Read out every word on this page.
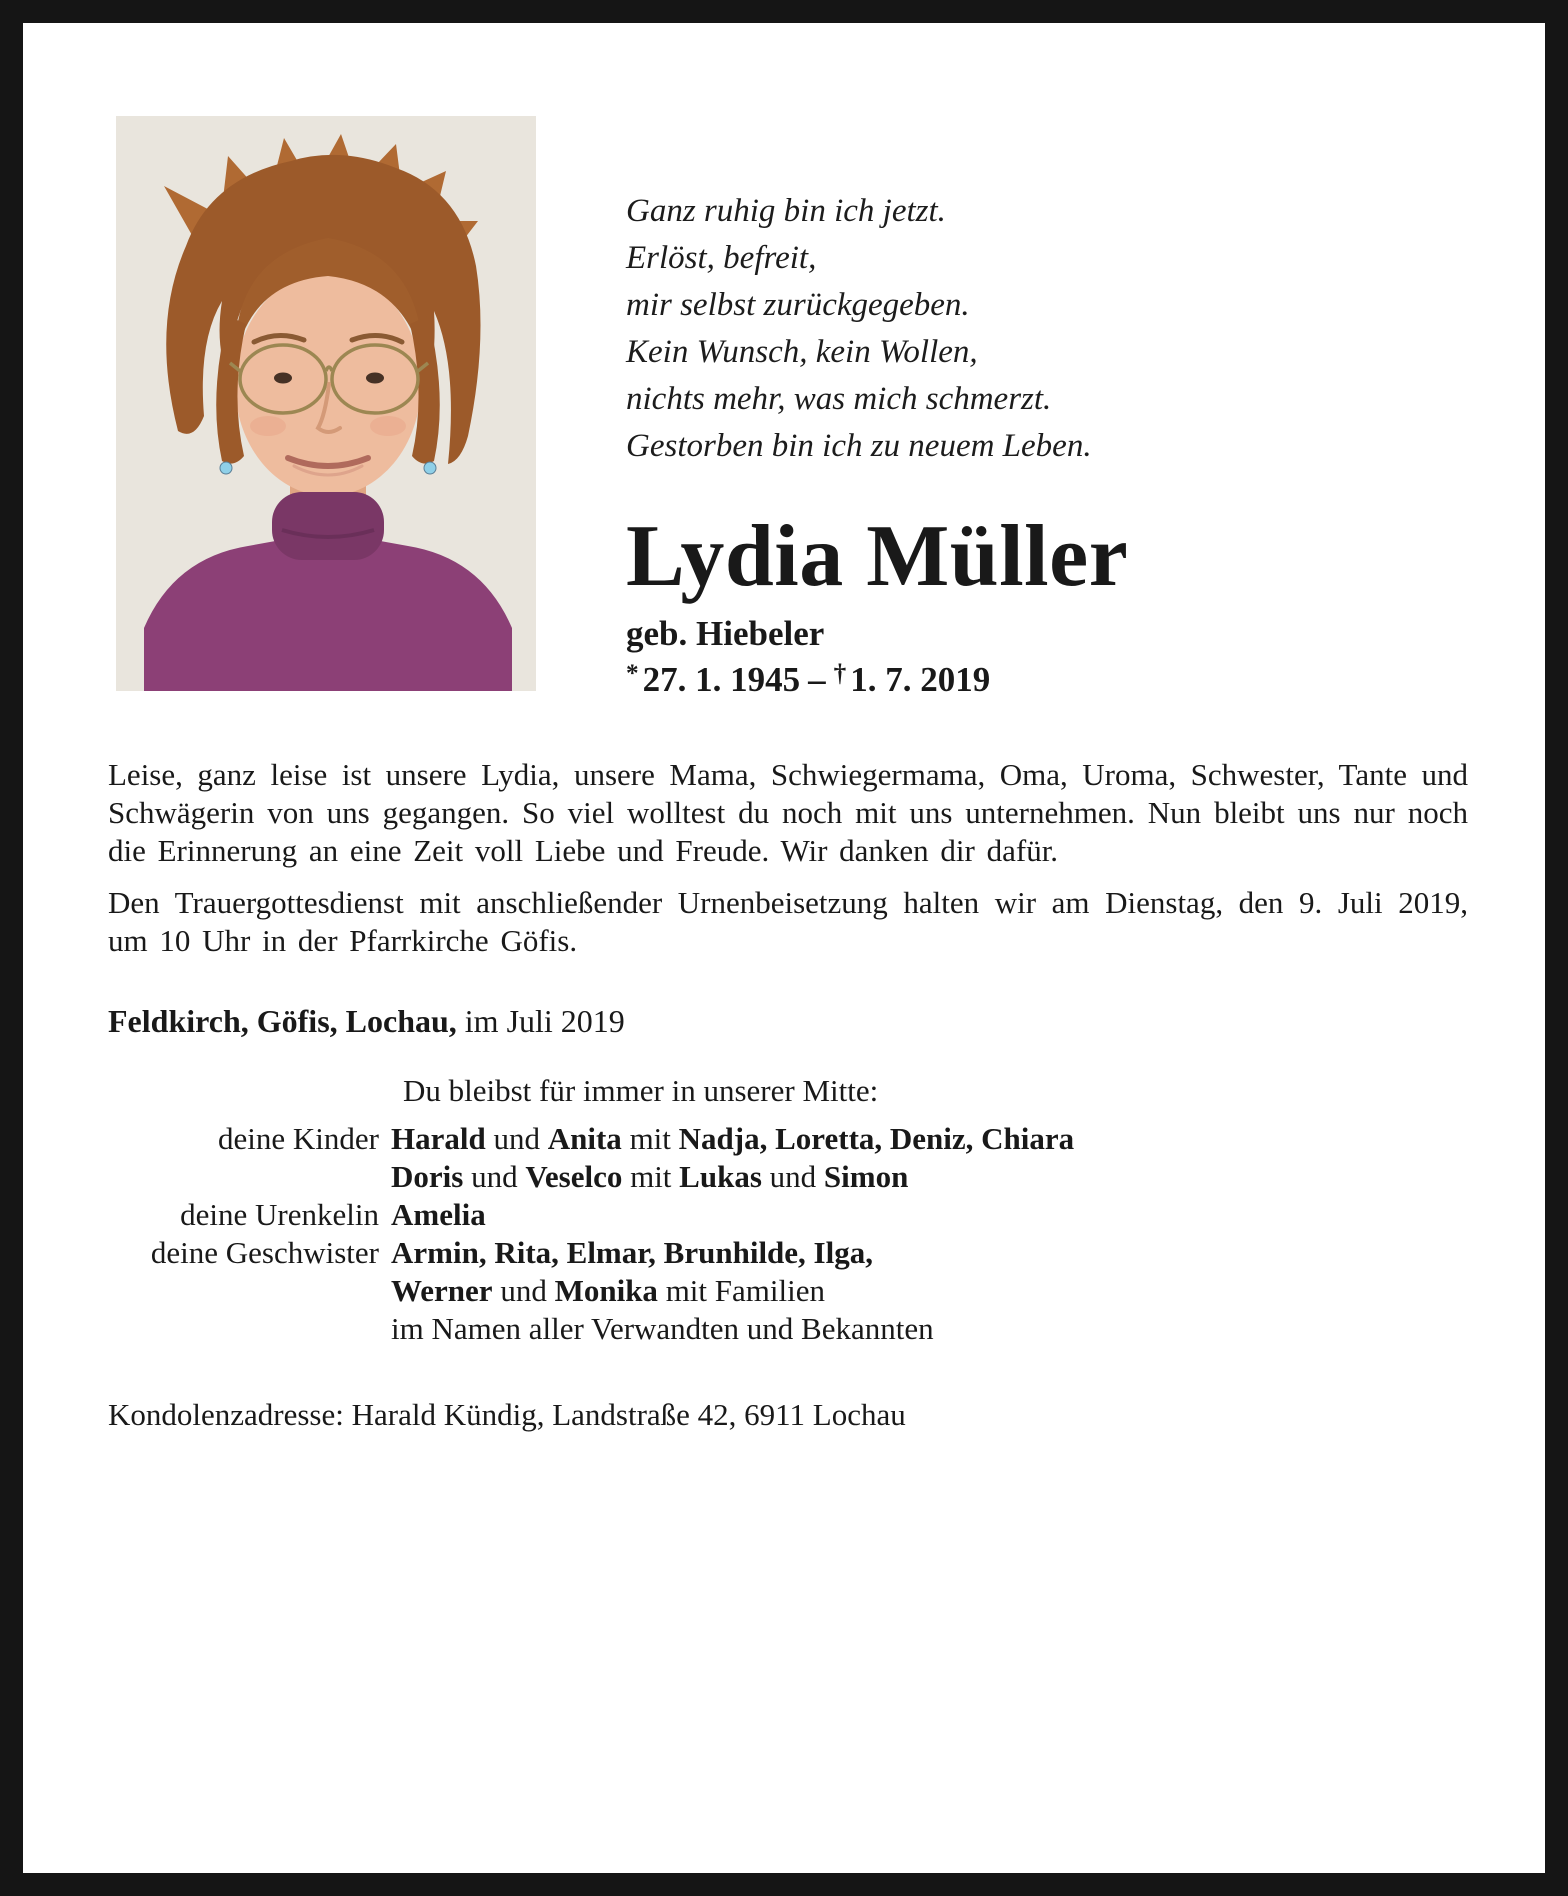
Ganz ruhig bin ich jetzt.
Erlöst, befreit,
mir selbst zurückgegeben.
Kein Wunsch, kein Wollen,
nichts mehr, was mich schmerzt.
Gestorben bin ich zu neuem Leben.
Lydia Müller
geb. Hiebeler
* 27. 1. 1945 – † 1. 7. 2019

Leise, ganz leise ist unsere Lydia, unsere Mama, Schwiegermama, Oma, Uroma, Schwester, Tante und Schwägerin von uns gegangen. So viel wolltest du noch mit uns unternehmen. Nun bleibt uns nur noch die Erinnerung an eine Zeit voll Liebe und Freude. Wir danken dir dafür.

Den Trauergottesdienst mit anschließender Urnenbeisetzung halten wir am Dienstag, den 9. Juli 2019, um 10 Uhr in der Pfarrkirche Göfis.

Feldkirch, Göfis, Lochau, im Juli 2019
Du bleibst für immer in unserer Mitte:
deine Kinder Harald und Anita mit Nadja, Loretta, Deniz, Chiara
Doris und Veselco mit Lukas und Simon
deine Urenkelin Amelia
deine Geschwister Armin, Rita, Elmar, Brunhilde, Ilga,
Werner und Monika mit Familien
im Namen aller Verwandten und Bekannten
Kondolenzadresse: Harald Kündig, Landstraße 42, 6911 Lochau
